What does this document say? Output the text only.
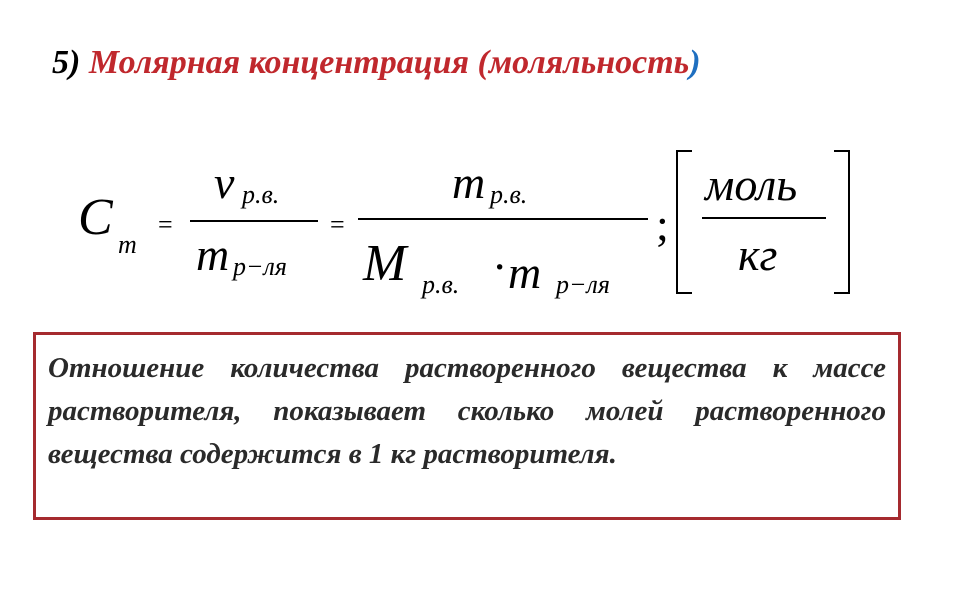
5) Молярная концентрация (моляльность)
C m
=
ν р.в.
m р−ля
=
m р.в.
M р.в. · m р−ля
;
моль
кг

Отношение количества растворенного вещества к массе растворителя, показывает сколько молей растворенного вещества содержится в 1 кг растворителя.
